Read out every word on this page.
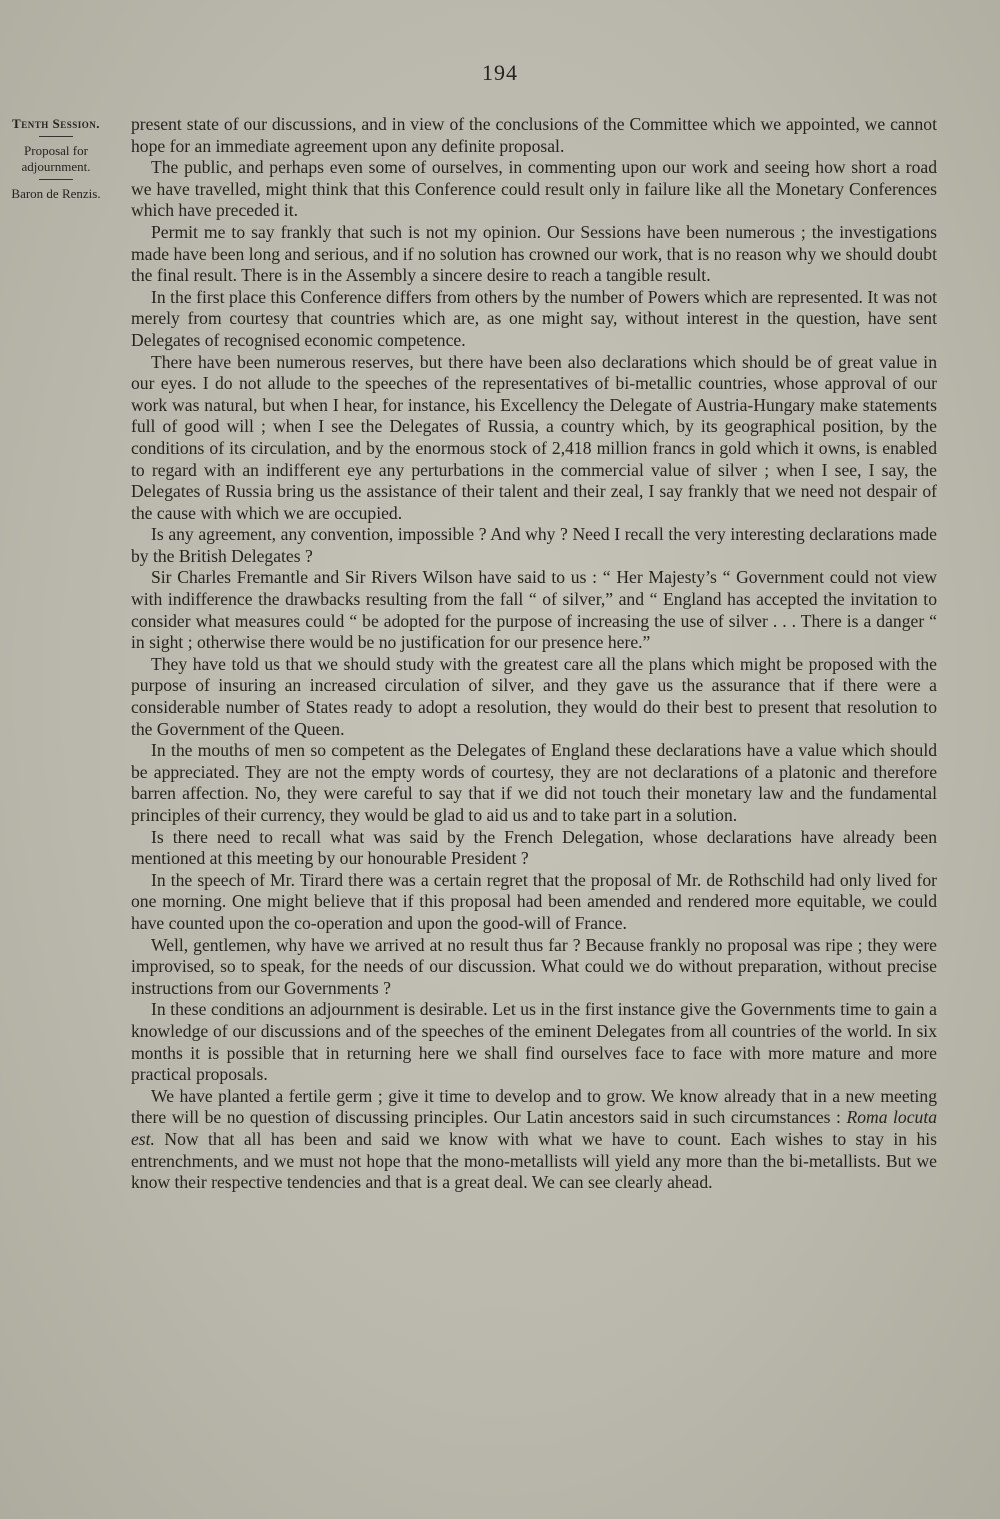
194

Tenth Session.

Proposal for adjournment.

Baron de Renzis.

present state of our discussions, and in view of the conclusions of the Committee which we appointed, we cannot hope for an immediate agreement upon any definite proposal.

The public, and perhaps even some of ourselves, in commenting upon our work and seeing how short a road we have travelled, might think that this Conference could result only in failure like all the Monetary Conferences which have preceded it.

Permit me to say frankly that such is not my opinion. Our Sessions have been numerous ; the investigations made have been long and serious, and if no solution has crowned our work, that is no reason why we should doubt the final result. There is in the Assembly a sincere desire to reach a tangible result.

In the first place this Conference differs from others by the number of Powers which are represented. It was not merely from courtesy that countries which are, as one might say, without interest in the question, have sent Delegates of recognised economic competence.

There have been numerous reserves, but there have been also declarations which should be of great value in our eyes. I do not allude to the speeches of the representatives of bi-metallic countries, whose approval of our work was natural, but when I hear, for instance, his Excellency the Delegate of Austria-Hungary make statements full of good will ; when I see the Delegates of Russia, a country which, by its geographical position, by the conditions of its circulation, and by the enormous stock of 2,418 million francs in gold which it owns, is enabled to regard with an indifferent eye any perturbations in the commercial value of silver ; when I see, I say, the Delegates of Russia bring us the assistance of their talent and their zeal, I say frankly that we need not despair of the cause with which we are occupied.

Is any agreement, any convention, impossible ? And why ? Need I recall the very interesting declarations made by the British Delegates ?

Sir Charles Fremantle and Sir Rivers Wilson have said to us : “ Her Majesty’s “ Government could not view with indifference the drawbacks resulting from the fall “ of silver,” and “ England has accepted the invitation to consider what measures could “ be adopted for the purpose of increasing the use of silver . . . There is a danger “ in sight ; otherwise there would be no justification for our presence here.”

They have told us that we should study with the greatest care all the plans which might be proposed with the purpose of insuring an increased circulation of silver, and they gave us the assurance that if there were a considerable number of States ready to adopt a resolution, they would do their best to present that resolution to the Government of the Queen.

In the mouths of men so competent as the Delegates of England these declarations have a value which should be appreciated. They are not the empty words of courtesy, they are not declarations of a platonic and therefore barren affection. No, they were careful to say that if we did not touch their monetary law and the fundamental principles of their currency, they would be glad to aid us and to take part in a solution.

Is there need to recall what was said by the French Delegation, whose declarations have already been mentioned at this meeting by our honourable President ?

In the speech of Mr. Tirard there was a certain regret that the proposal of Mr. de Rothschild had only lived for one morning. One might believe that if this proposal had been amended and rendered more equitable, we could have counted upon the co-operation and upon the good-will of France.

Well, gentlemen, why have we arrived at no result thus far ? Because frankly no proposal was ripe ; they were improvised, so to speak, for the needs of our discussion. What could we do without preparation, without precise instructions from our Governments ?

In these conditions an adjournment is desirable. Let us in the first instance give the Governments time to gain a knowledge of our discussions and of the speeches of the eminent Delegates from all countries of the world. In six months it is possible that in returning here we shall find ourselves face to face with more mature and more practical proposals.

We have planted a fertile germ ; give it time to develop and to grow. We know already that in a new meeting there will be no question of discussing principles. Our Latin ancestors said in such circumstances : Roma locuta est. Now that all has been and said we know with what we have to count. Each wishes to stay in his entrenchments, and we must not hope that the mono-metallists will yield any more than the bi-metallists. But we know their respective tendencies and that is a great deal. We can see clearly ahead.
